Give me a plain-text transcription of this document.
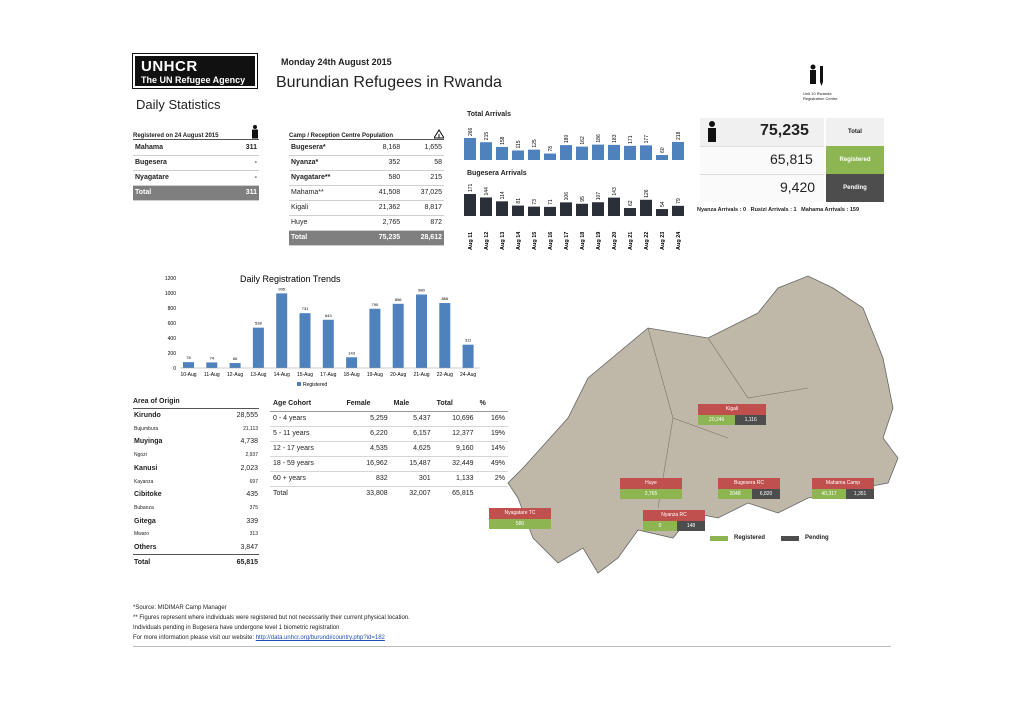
UNHCR
The UN Refugee Agency
Daily Statistics
Monday 24th August 2015
Burundian Refugees in Rwanda
Registered on 24 August 2015
Mahama	311
Bugesera	-
Nyagatare	-
Total	311
Camp / Reception Centre Population
Bugesera*	8,168	1,655
Nyanza*	352	58
Nyagatare**	580	215
Mahama**	41,508	37,025
Kigali	21,362	8,817
Huye	2,765	872
Total	75,235	28,612
Total Arrivals
266
215
158 115 125
78
180 162 186 183 171 177
60
218
Bugesera Arrivals
171 144 114
81 73 71
106 95 107
143
62
126
54
79
Aug 11 Aug 12 Aug 13 Aug 14 Aug 15 Aug 16 Aug 17 Aug 18 Aug 19 Aug 20 Aug 21 Aug 22 Aug 23 Aug 24
Unit 10 Rwanda Registration Centre
75,235	Total
65,815	Registered
9,420	Pending
Nyanza Arrivals : 0   Rusizi Arrivals : 1   Mahama Arrivals : 159
Daily Registration Trends
0
200
400
600
800
1000
1200
78
10-Aug
74
11-Aug
66
12-Aug
538
13-Aug
995
14-Aug
731
15-Aug
643
17-Aug
143
18-Aug
790
19-Aug
856
20-Aug
980
21-Aug
866
22-Aug
311
24-Aug
Registered
Area of Origin
Kirundo	28,555
Bujumbura	21,113
Muyinga	4,738
Ngozi	2,937
Kanusi	2,023
Kayanza	697
Cibitoke	435
Bubanza	375
Gitega	339
Mwaro	313
Others	3,847
Total	65,815
Age Cohort	Female	Male	Total	%
0 - 4 years	5,259	5,437	10,696	16%
5 - 11 years	6,220	6,157	12,377	19%
12 - 17 years	4,535	4,625	9,160	14%
18 - 59 years	16,962	15,487	32,449	49%
60 + years	832	301	1,133	2%
Total	33,808	32,007	65,815	
Kigali
20,246	1,116
Huye
2,765
Bugesera RC
2048	6,820
Mahama Camp
40,317	1,351
Nyagatare TC
580
Nyanza RC
0	148
Registered	Pending
*Source: MIDIMAR Camp Manager
** Figures represent where individuals were registered but not necessarily their current physical location.
Individuals pending in Bugesera have undergone level 1 biometric registration
For more information please visit our website: http://data.unhcr.org/burundi/country.php?id=182
